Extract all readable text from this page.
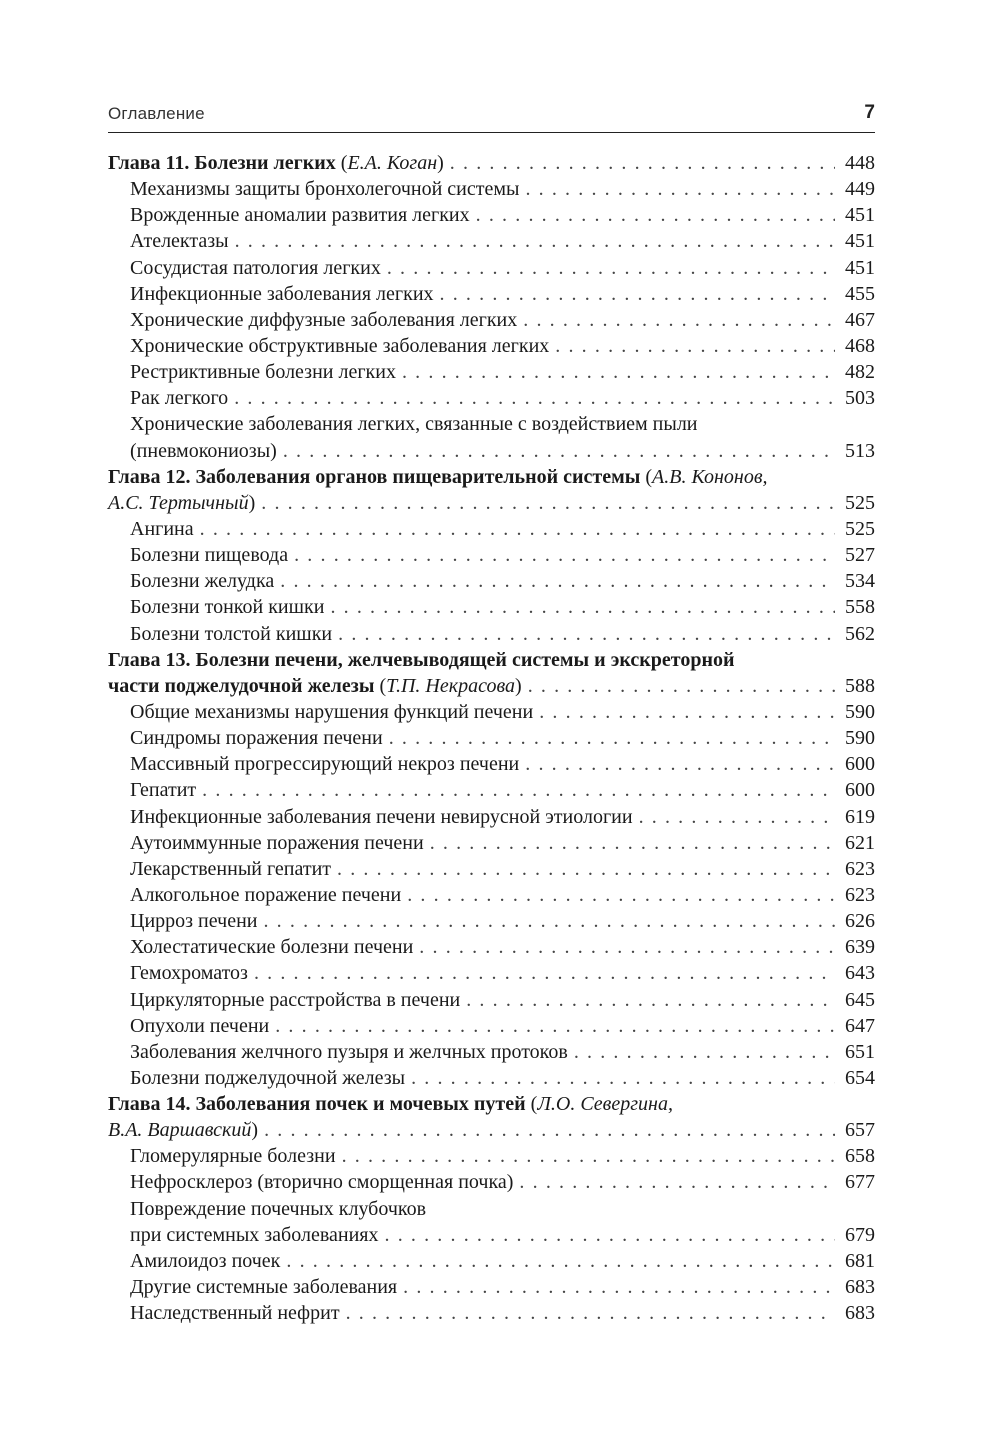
Оглавление	7
Глава 11. Болезни легких (Е.А. Коган) . . .	448
Механизмы защиты бронхолегочной системы . . .	449
Врожденные аномалии развития легких . . .	451
Ателектазы . . .	451
Сосудистая патология легких . . .	451
Инфекционные заболевания легких . . .	455
Хронические диффузные заболевания легких . . .	467
Хронические обструктивные заболевания легких . . .	468
Рестриктивные болезни легких . . .	482
Рак легкого . . .	503
Хронические заболевания легких, связанные с воздействием пыли
(пневмокониозы) . . .	513
Глава 12. Заболевания органов пищеварительной системы (А.В. Кононов,
А.С. Тертычный) . . .	525
Ангина . . .	525
Болезни пищевода . . .	527
Болезни желудка . . .	534
Болезни тонкой кишки . . .	558
Болезни толстой кишки . . .	562
Глава 13. Болезни печени, желчевыводящей системы и экскреторной
части поджелудочной железы (Т.П. Некрасова) . . .	588
Общие механизмы нарушения функций печени . . .	590
Синдромы поражения печени . . .	590
Массивный прогрессирующий некроз печени . . .	600
Гепатит . . .	600
Инфекционные заболевания печени невирусной этиологии . . .	619
Аутоиммунные поражения печени . . .	621
Лекарственный гепатит . . .	623
Алкогольное поражение печени . . .	623
Цирроз печени . . .	626
Холестатические болезни печени . . .	639
Гемохроматоз . . .	643
Циркуляторные расстройства в печени . . .	645
Опухоли печени . . .	647
Заболевания желчного пузыря и желчных протоков . . .	651
Болезни поджелудочной железы . . .	654
Глава 14. Заболевания почек и мочевых путей (Л.О. Севергина,
В.А. Варшавский) . . .	657
Гломерулярные болезни . . .	658
Нефросклероз (вторично сморщенная почка) . . .	677
Повреждение почечных клубочков
при системных заболеваниях . . .	679
Амилоидоз почек . . .	681
Другие системные заболевания . . .	683
Наследственный нефрит . . .	683
